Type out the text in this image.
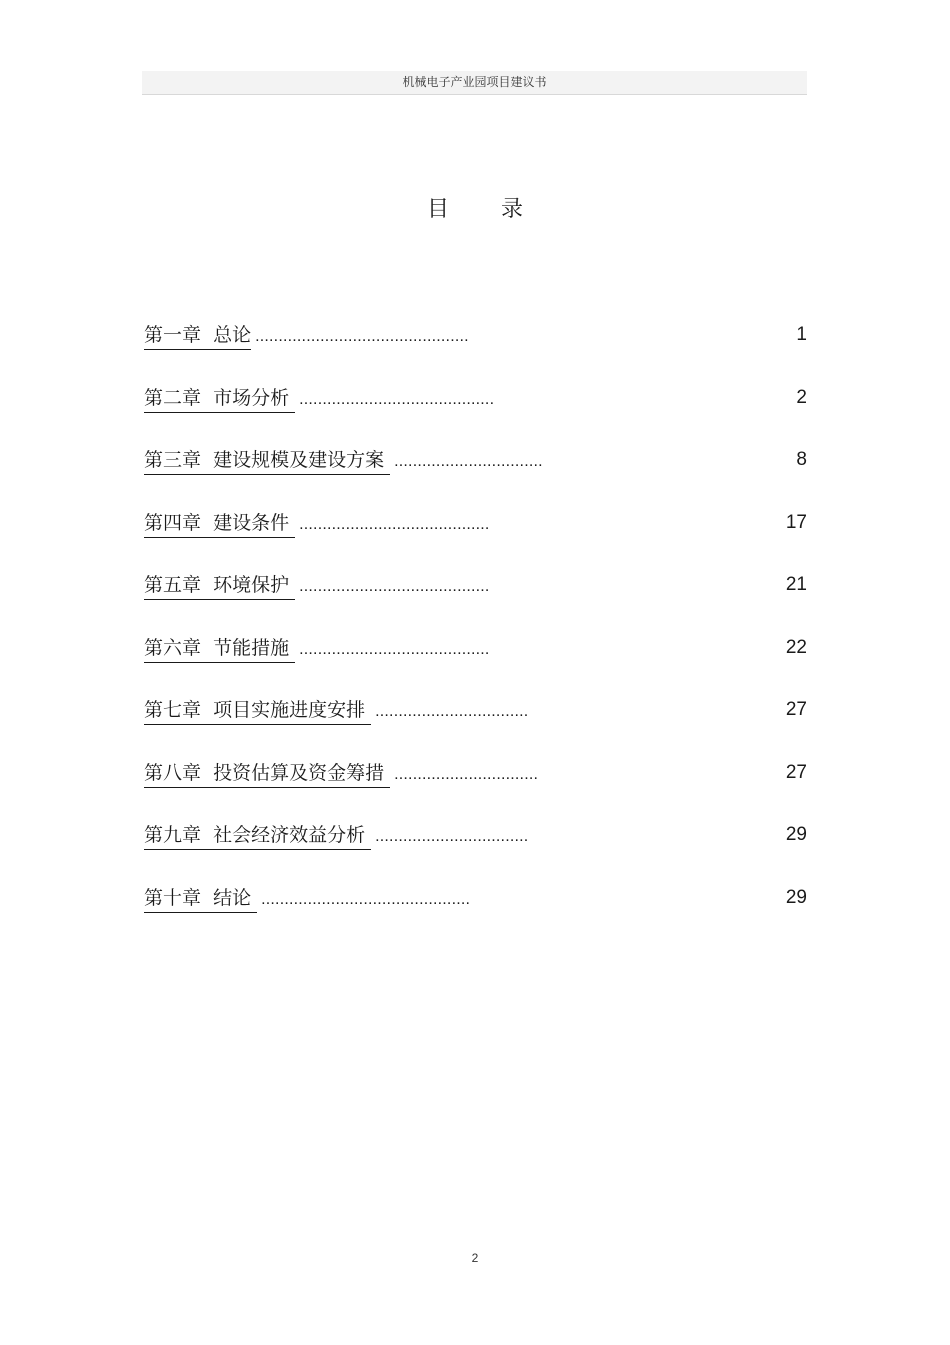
机械电子产业园项目建议书
目 录
第一章  总论 ..............................................	1
第二章  市场分析 ..........................................	2
第三章  建设规模及建设方案 ................................	8
第四章  建设条件 .........................................	17
第五章  环境保护 .........................................	21
第六章  节能措施 .........................................	22
第七章  项目实施进度安排 .................................	27
第八章  投资估算及资金筹措 ...............................	27
第九章  社会经济效益分析 .................................	29
第十章  结论 .............................................	29
2
